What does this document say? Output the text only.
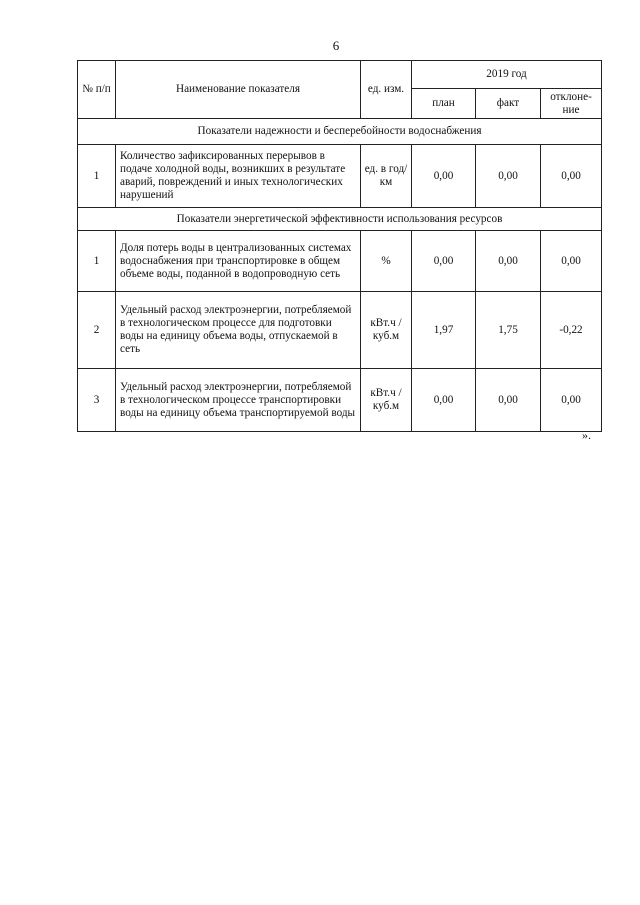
6
№ п/п	Наименование показателя	ед. изм.	2019 год		
			план	факт	отклоне-ние
Показатели надежности и бесперебойности водоснабжения					
1	Количество зафиксированных перерывов в подаче холодной воды, возникших в результате аварий, повреждений и иных технологических нарушений	ед. в год/ км	0,00	0,00	0,00
Показатели энергетической эффективности использования ресурсов					
1	Доля потерь воды в централизованных системах водоснабжения при транспортировке в общем объеме воды, поданной в водопроводную сеть	%	0,00	0,00	0,00
2	Удельный расход электроэнергии, потребляемой в технологическом процессе для подготовки воды на единицу объема воды, отпускаемой в сеть	кВт.ч / куб.м	1,97	1,75	-0,22
3	Удельный расход электроэнергии, потребляемой в технологическом процессе транспортировки воды на единицу объема транспортируемой воды	кВт.ч / куб.м	0,00	0,00	0,00
».
